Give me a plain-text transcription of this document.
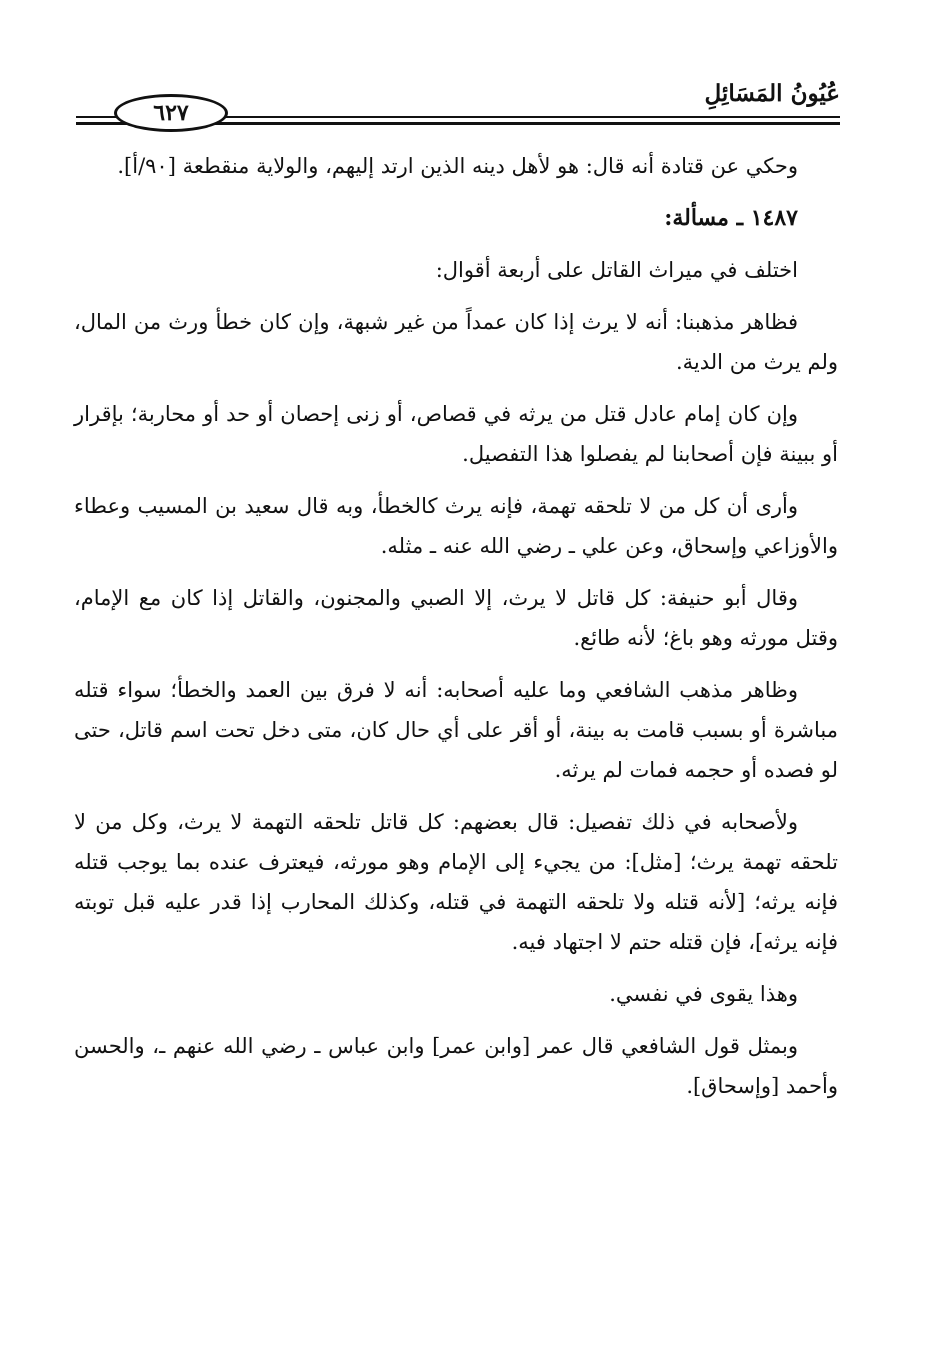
٦٢٧
عُيُونُ المَسَائِلِ

وحكي عن قتادة أنه قال: هو لأهل دينه الذين ارتد إليهم، والولاية منقطعة [٩٠/أ].

١٤٨٧ ـ مسألة:

اختلف في ميراث القاتل على أربعة أقوال:

فظاهر مذهبنا: أنه لا يرث إذا كان عمداً من غير شبهة، وإن كان خطأ ورث من المال، ولم يرث من الدية.

وإن كان إمام عادل قتل من يرثه في قصاص، أو زنى إحصان أو حد أو محاربة؛ بإقرار أو ببينة فإن أصحابنا لم يفصلوا هذا التفصيل.

وأرى أن كل من لا تلحقه تهمة، فإنه يرث كالخطأ، وبه قال سعيد بن المسيب وعطاء والأوزاعي وإسحاق، وعن علي ـ رضي الله عنه ـ مثله.

وقال أبو حنيفة: كل قاتل لا يرث، إلا الصبي والمجنون، والقاتل إذا كان مع الإمام، وقتل مورثه وهو باغ؛ لأنه طائع.

وظاهر مذهب الشافعي وما عليه أصحابه: أنه لا فرق بين العمد والخطأ؛ سواء قتله مباشرة أو بسبب قامت به بينة، أو أقر على أي حال كان، متى دخل تحت اسم قاتل، حتى لو فصده أو حجمه فمات لم يرثه.

ولأصحابه في ذلك تفصيل: قال بعضهم: كل قاتل تلحقه التهمة لا يرث، وكل من لا تلحقه تهمة يرث؛ [مثل]: من يجيء إلى الإمام وهو مورثه، فيعترف عنده بما يوجب قتله فإنه يرثه؛ [لأنه قتله ولا تلحقه التهمة في قتله، وكذلك المحارب إذا قدر عليه قبل توبته فإنه يرثه]، فإن قتله حتم لا اجتهاد فيه.

وهذا يقوى في نفسي.

وبمثل قول الشافعي قال عمر [وابن عمر] وابن عباس ـ رضي الله عنهم ـ، والحسن وأحمد [وإسحاق].
